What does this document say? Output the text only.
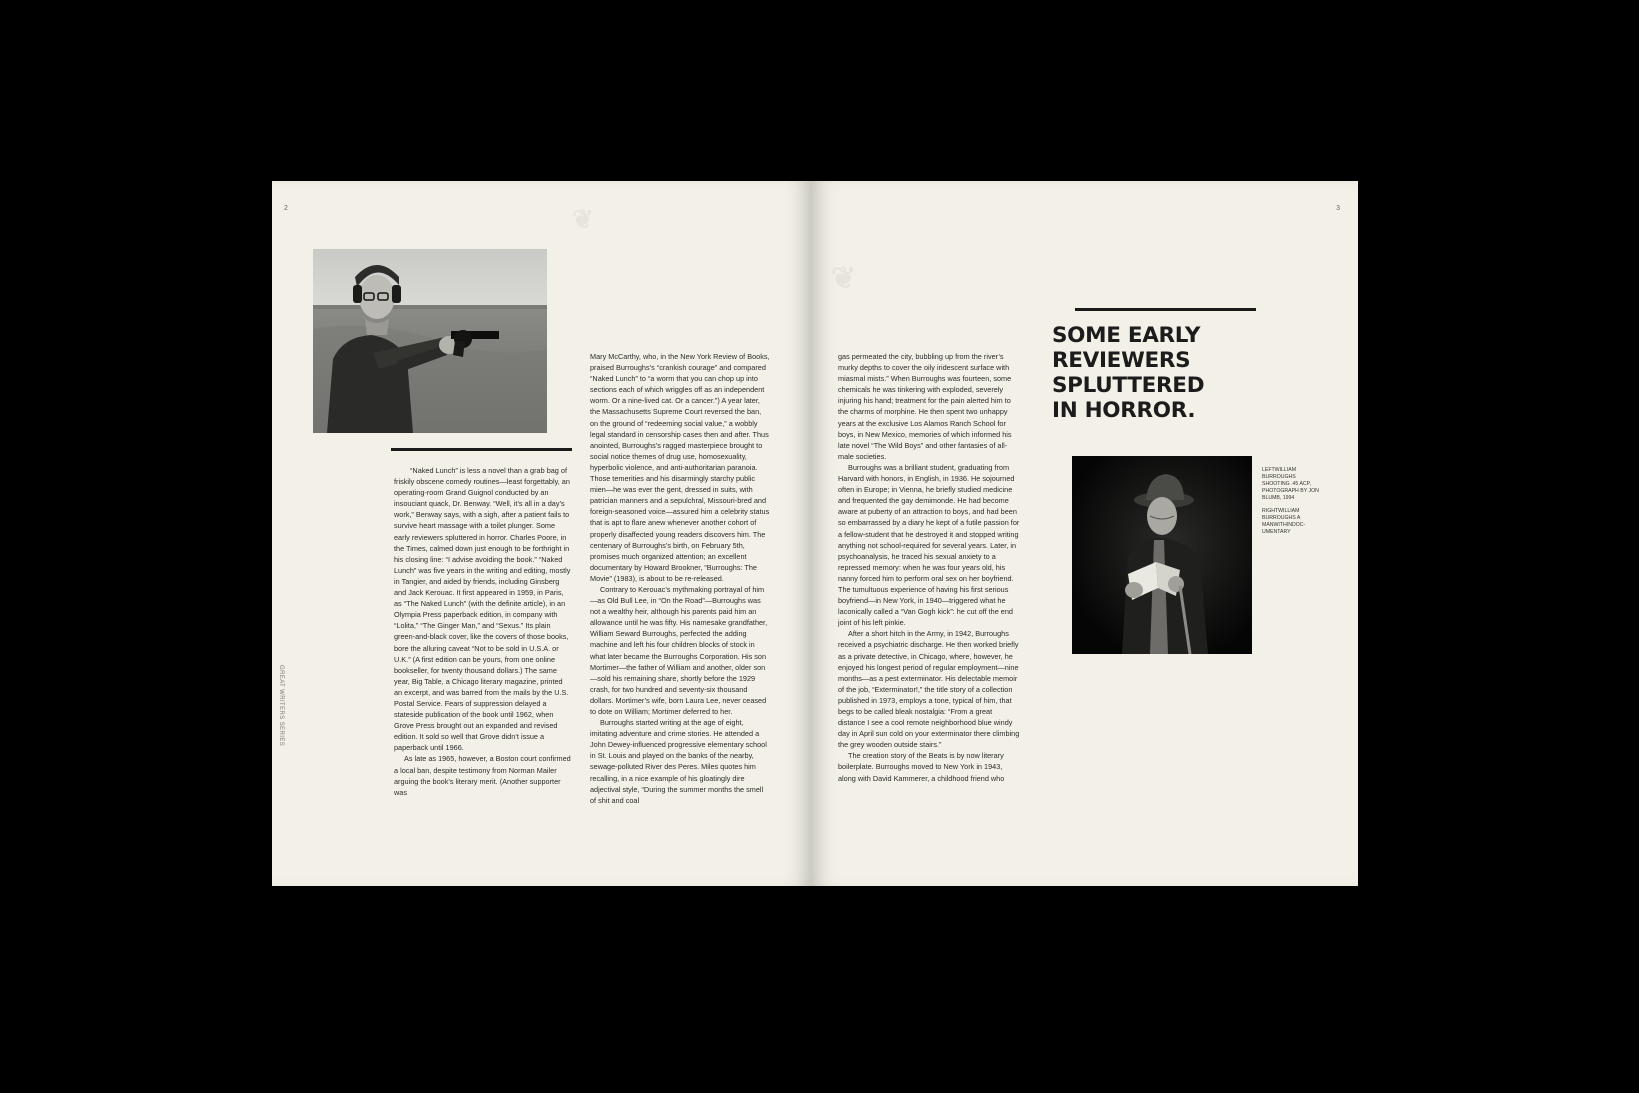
2	❦
GREAT WRITERS SERIES

“Naked Lunch” is less a novel than a grab bag of friskily obscene comedy routines—least forgettably, an operating-room Grand Guignol conducted by an insouciant quack, Dr. Benway. “Well, it’s all in a day’s work,” Benway says, with a sigh, after a patient fails to survive heart massage with a toilet plunger. Some early reviewers spluttered in horror. Charles Poore, in the Times, calmed down just enough to be forthright in his closing line: “I advise avoiding the book.” “Naked Lunch” was five years in the writing and editing, mostly in Tangier, and aided by friends, including Ginsberg and Jack Kerouac. It first appeared in 1959, in Paris, as “The Naked Lunch” (with the definite article), in an Olympia Press paperback edition, in company with “Lolita,” “The Ginger Man,” and “Sexus.” Its plain green-and-black cover, like the covers of those books, bore the alluring caveat “Not to be sold in U.S.A. or U.K.” (A first edition can be yours, from one online bookseller, for twenty thousand dollars.) The same year, Big Table, a Chicago literary magazine, printed an excerpt, and was barred from the mails by the U.S. Postal Service. Fears of suppression delayed a stateside publication of the book until 1962, when Grove Press brought out an expanded and revised edition. It sold so well that Grove didn’t issue a paperback until 1966.

As late as 1965, however, a Boston court confirmed a local ban, despite testimony from Norman Mailer arguing the book’s literary merit. (Another supporter was

Mary McCarthy, who, in the New York Review of Books, praised Burroughs’s “crankish courage” and compared “Naked Lunch” to “a worm that you can chop up into sections each of which wriggles off as an independent worm. Or a nine-lived cat. Or a cancer.”) A year later, the Massachusetts Supreme Court reversed the ban, on the ground of “redeeming social value,” a wobbly legal standard in censorship cases then and after. Thus anointed, Burroughs’s ragged masterpiece brought to social notice themes of drug use, homosexuality, hyperbolic violence, and anti-authoritarian paranoia. Those temerities and his disarmingly starchy public mien—he was ever the gent, dressed in suits, with patrician manners and a sepulchral, Missouri-bred and foreign-seasoned voice—assured him a celebrity status that is apt to flare anew whenever another cohort of properly disaffected young readers discovers him. The centenary of Burroughs’s birth, on February 5th, promises much organized attention; an excellent documentary by Howard Brookner, “Burroughs: The Movie” (1983), is about to be re-released.

Contrary to Kerouac’s mythmaking portrayal of him—as Old Bull Lee, in “On the Road”—Burroughs was not a wealthy heir, although his parents paid him an allowance until he was fifty. His namesake grandfather, William Seward Burroughs, perfected the adding machine and left his four children blocks of stock in what later became the Burroughs Corporation. His son Mortimer—the father of William and another, older son—sold his remaining share, shortly before the 1929 crash, for two hundred and seventy-six thousand dollars. Mortimer’s wife, born Laura Lee, never ceased to dote on William; Mortimer deferred to her.

Burroughs started writing at the age of eight, imitating adventure and crime stories. He attended a John Dewey-influenced progressive elementary school in St. Louis and played on the banks of the nearby, sewage-polluted River des Peres. Miles quotes him recalling, in a nice example of his gloatingly dire adjectival style, “During the summer months the smell of shit and coal

3
❦
SOME EARLY
REVIEWERS
SPLUTTERED
IN HORROR.

gas permeated the city, bubbling up from the river’s murky depths to cover the oily iridescent surface with miasmal mists.” When Burroughs was fourteen, some chemicals he was tinkering with exploded, severely injuring his hand; treatment for the pain alerted him to the charms of morphine. He then spent two unhappy years at the exclusive Los Alamos Ranch School for boys, in New Mexico, memories of which informed his late novel “The Wild Boys” and other fantasies of all-male societies.

Burroughs was a brilliant student, graduating from Harvard with honors, in English, in 1936. He sojourned often in Europe; in Vienna, he briefly studied medicine and frequented the gay demimonde. He had become aware at puberty of an attraction to boys, and had been so embarrassed by a diary he kept of a futile passion for a fellow-student that he destroyed it and stopped writing anything not school-required for several years. Later, in psychoanalysis, he traced his sexual anxiety to a repressed memory: when he was four years old, his nanny forced him to perform oral sex on her boyfriend. The tumultuous experience of having his first serious boyfriend—in New York, in 1940—triggered what he laconically called a “Van Gogh kick”: he cut off the end joint of his left pinkie.

After a short hitch in the Army, in 1942, Burroughs received a psychiatric discharge. He then worked briefly as a private detective, in Chicago, where, however, he enjoyed his longest period of regular employment—nine months—as a pest exterminator. His delectable memoir of the job, “Exterminator!,” the title story of a collection published in 1973, employs a tone, typical of him, that begs to be called bleak nostalgia: “From a great distance I see a cool remote neighborhood blue windy day in April sun cold on your exterminator there climbing the grey wooden outside stairs.”

The creation story of the Beats is by now literary boilerplate. Burroughs moved to New York in 1943, along with David Kammerer, a childhood friend who

LEFTWILLIAM BURROUGHS SHOOTING .45 ACP, PHOTOGRAPH BY JON BLUMB, 1994

RIGHTWILLIAM BURROUGHS A MANWITHINDOC-UMENTARY
